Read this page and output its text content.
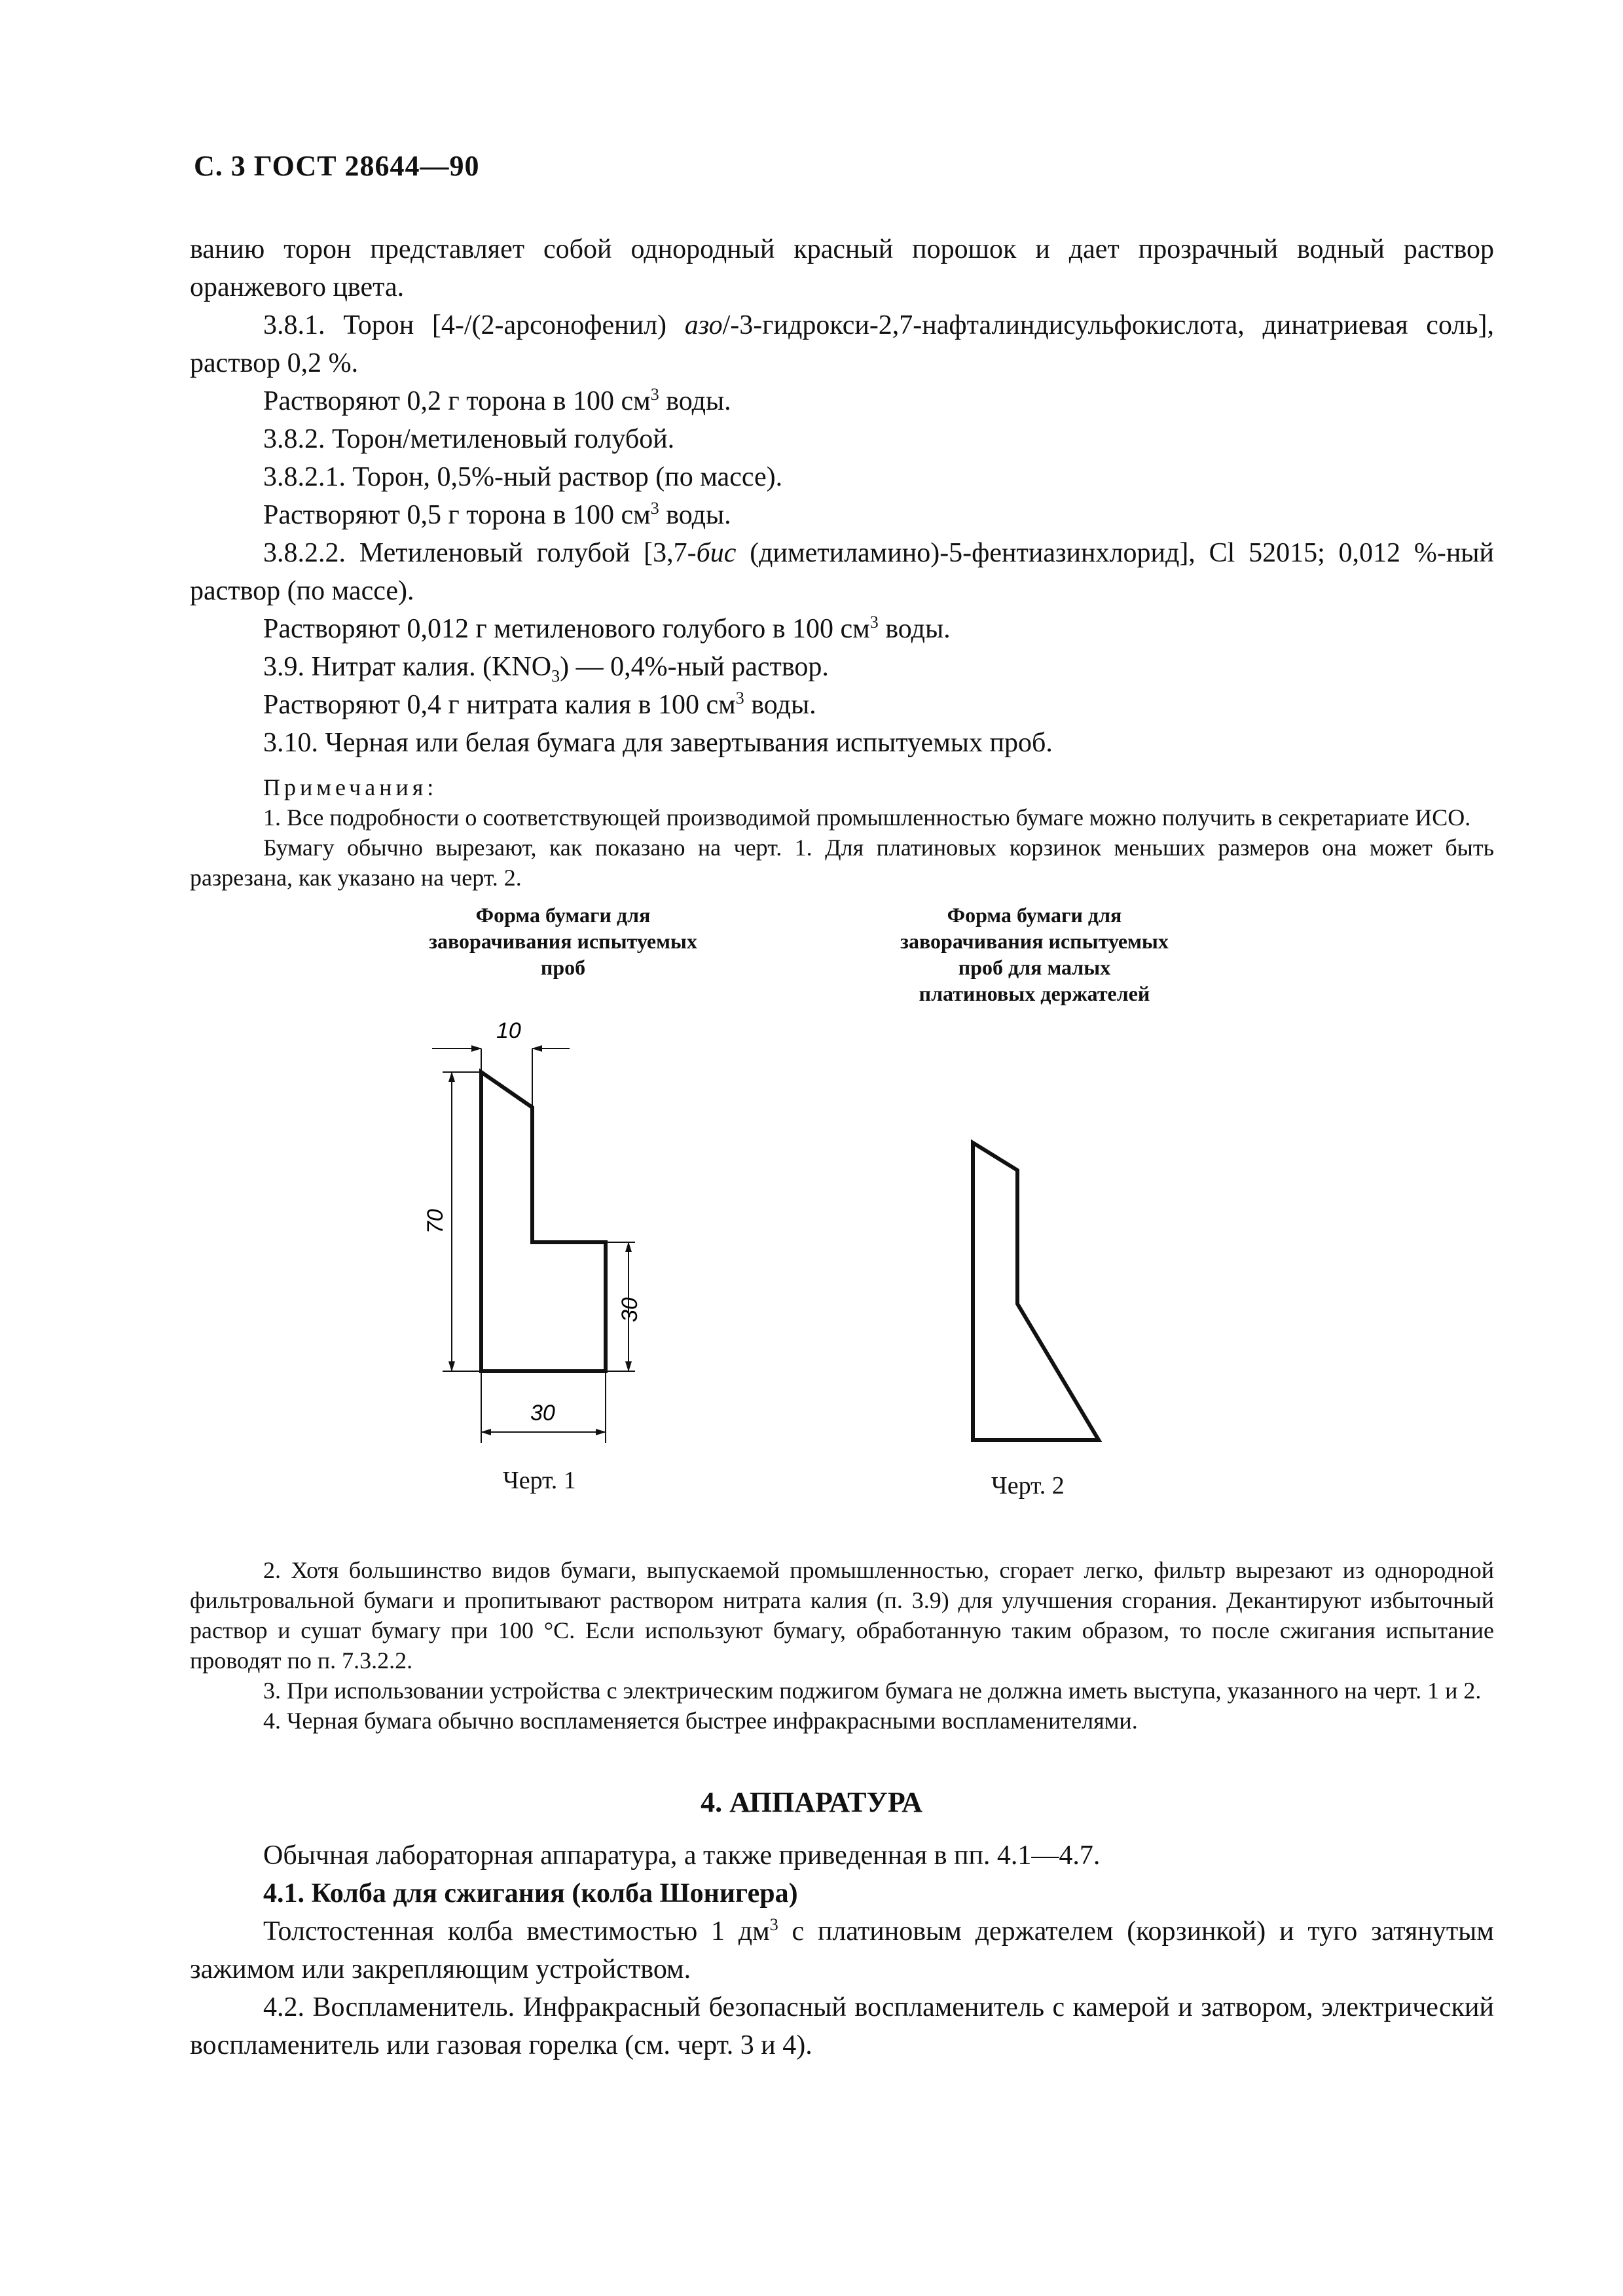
С. 3 ГОСТ 28644—90

ванию торон представляет собой однородный красный порошок и дает прозрачный водный раствор оранжевого цвета.

3.8.1. Торон [4-/(2-арсонофенил) азо/-3-гидрокси-2,7-нафталиндисульфокислота, динатриевая соль], раствор 0,2 %.

Растворяют 0,2 г торона в 100 $см^3$ воды.

3.8.2. Торон/метиленовый голубой.

3.8.2.1. Торон, 0,5%-ный раствор (по массе).

Растворяют 0,5 г торона в 100 $см^3$ воды.

3.8.2.2. Метиленовый голубой [3,7-бис (диметиламино)-5-фентиазинхлорид], Cl 52015; 0,012 %-ный раствор (по массе).

Растворяют 0,012 г метиленового голубого в 100 $см^3$ воды.

3.9. Нитрат калия. $(KNO_3)$ — 0,4%-ный раствор.

Растворяют 0,4 г нитрата калия в 100 $см^3$ воды.

3.10. Черная или белая бумага для завертывания испытуемых проб.

Примечания:

1. Все подробности о соответствующей производимой промышленностью бумаге можно получить в секретариате ИСО.

Бумагу обычно вырезают, как показано на черт. 1. Для платиновых корзинок меньших размеров она может быть разрезана, как указано на черт. 2.

Форма бумаги для
заворачивания испытуемых
проб
Форма бумаги для
заворачивания испытуемых
проб для малых
платиновых держателей
10
70
30
30
Черт. 1	Черт. 2

2. Хотя большинство видов бумаги, выпускаемой промышленностью, сгорает легко, фильтр вырезают из однородной фильтровальной бумаги и пропитывают раствором нитрата калия (п. 3.9) для улучшения сгорания. Декантируют избыточный раствор и сушат бумагу при 100 °С. Если используют бумагу, обработанную таким образом, то после сжигания испытание проводят по п. 7.3.2.2.

3. При использовании устройства с электрическим поджигом бумага не должна иметь выступа, указанного на черт. 1 и 2.

4. Черная бумага обычно воспламеняется быстрее инфракрасными воспламенителями.

4. АППАРАТУРА

Обычная лабораторная аппаратура, а также приведенная в пп. 4.1—4.7.

4.1. Колба для сжигания (колба Шонигера)

Толстостенная колба вместимостью 1 $дм^3$ с платиновым держателем (корзинкой) и туго затянутым зажимом или закрепляющим устройством.

4.2. Воспламенитель. Инфракрасный безопасный воспламенитель с камерой и затвором, электрический воспламенитель или газовая горелка (см. черт. 3 и 4).
